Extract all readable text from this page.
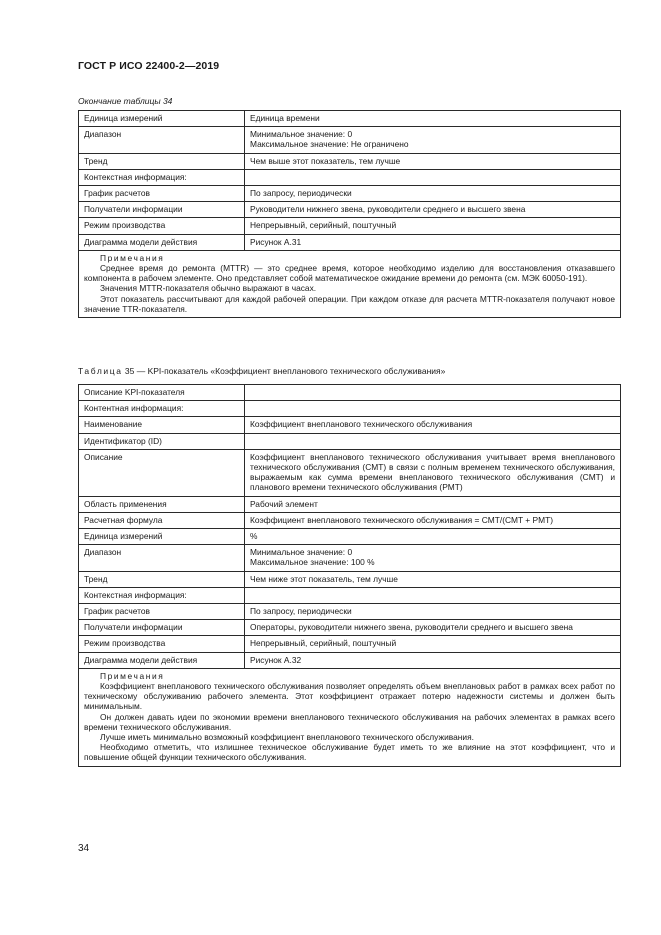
ГОСТ Р ИСО 22400-2—2019
Окончание таблицы 34
Единица измерений	Единица времени
Диапазон	Минимальное значение: 0
Максимальное значение: Не ограничено

Тренд	Чем выше этот показатель, тем лучше
Контекстная информация:	
График расчетов	По запросу, периодически
Получатели информации	Руководители нижнего звена, руководители среднего и высшего звена
Режим производства	Непрерывный, серийный, поштучный
Диаграмма модели действия	Рисунок А.31

Примечания

Среднее время до ремонта (MTTR) — это среднее время, которое необходимо изделию для восстановления отказавшего компонента в рабочем элементе. Оно представляет собой математическое ожидание времени до ремонта (см. МЭК 60050-191).

Значения MTTR-показателя обычно выражают в часах.

Этот показатель рассчитывают для каждой рабочей операции. При каждом отказе для расчета MTTR-показателя получают новое значение TTR-показателя.	

Таблица 35 — KPI-показатель «Коэффициент внепланового технического обслуживания»
Описание KPI-показателя	
Контентная информация:	
Наименование	Коэффициент внепланового технического обслуживания
Идентификатор (ID)	
Описание	Коэффициент внепланового технического обслуживания учитывает время внепланового технического обслуживания (CMT) в связи с полным временем технического обслуживания, выражаемым как сумма времени внепланового технического обслуживания (CMT) и планового времени технического обслуживания (PMT)
Область применения	Рабочий элемент
Расчетная формула	Коэффициент внепланового технического обслуживания = CMT/(CMT + PMT)
Единица измерений	%
Диапазон	Минимальное значение: 0
Максимальное значение: 100 %

Тренд	Чем ниже этот показатель, тем лучше
Контекстная информация:	
График расчетов	По запросу, периодически
Получатели информации	Операторы, руководители нижнего звена, руководители среднего и высшего звена
Режим производства	Непрерывный, серийный, поштучный
Диаграмма модели действия	Рисунок А.32

Примечания

Коэффициент внепланового технического обслуживания позволяет определять объем внеплановых работ в рамках всех работ по техническому обслуживанию рабочего элемента. Этот коэффициент отражает потерю надежности системы и должен быть минимальным.

Он должен давать идеи по экономии времени внепланового технического обслуживания на рабочих элементах в рамках всего времени технического обслуживания.

Лучше иметь минимально возможный коэффициент внепланового технического обслуживания.

Необходимо отметить, что излишнее техническое обслуживание будет иметь то же влияние на этот коэффициент, что и повышение общей функции технического обслуживания.	

34
